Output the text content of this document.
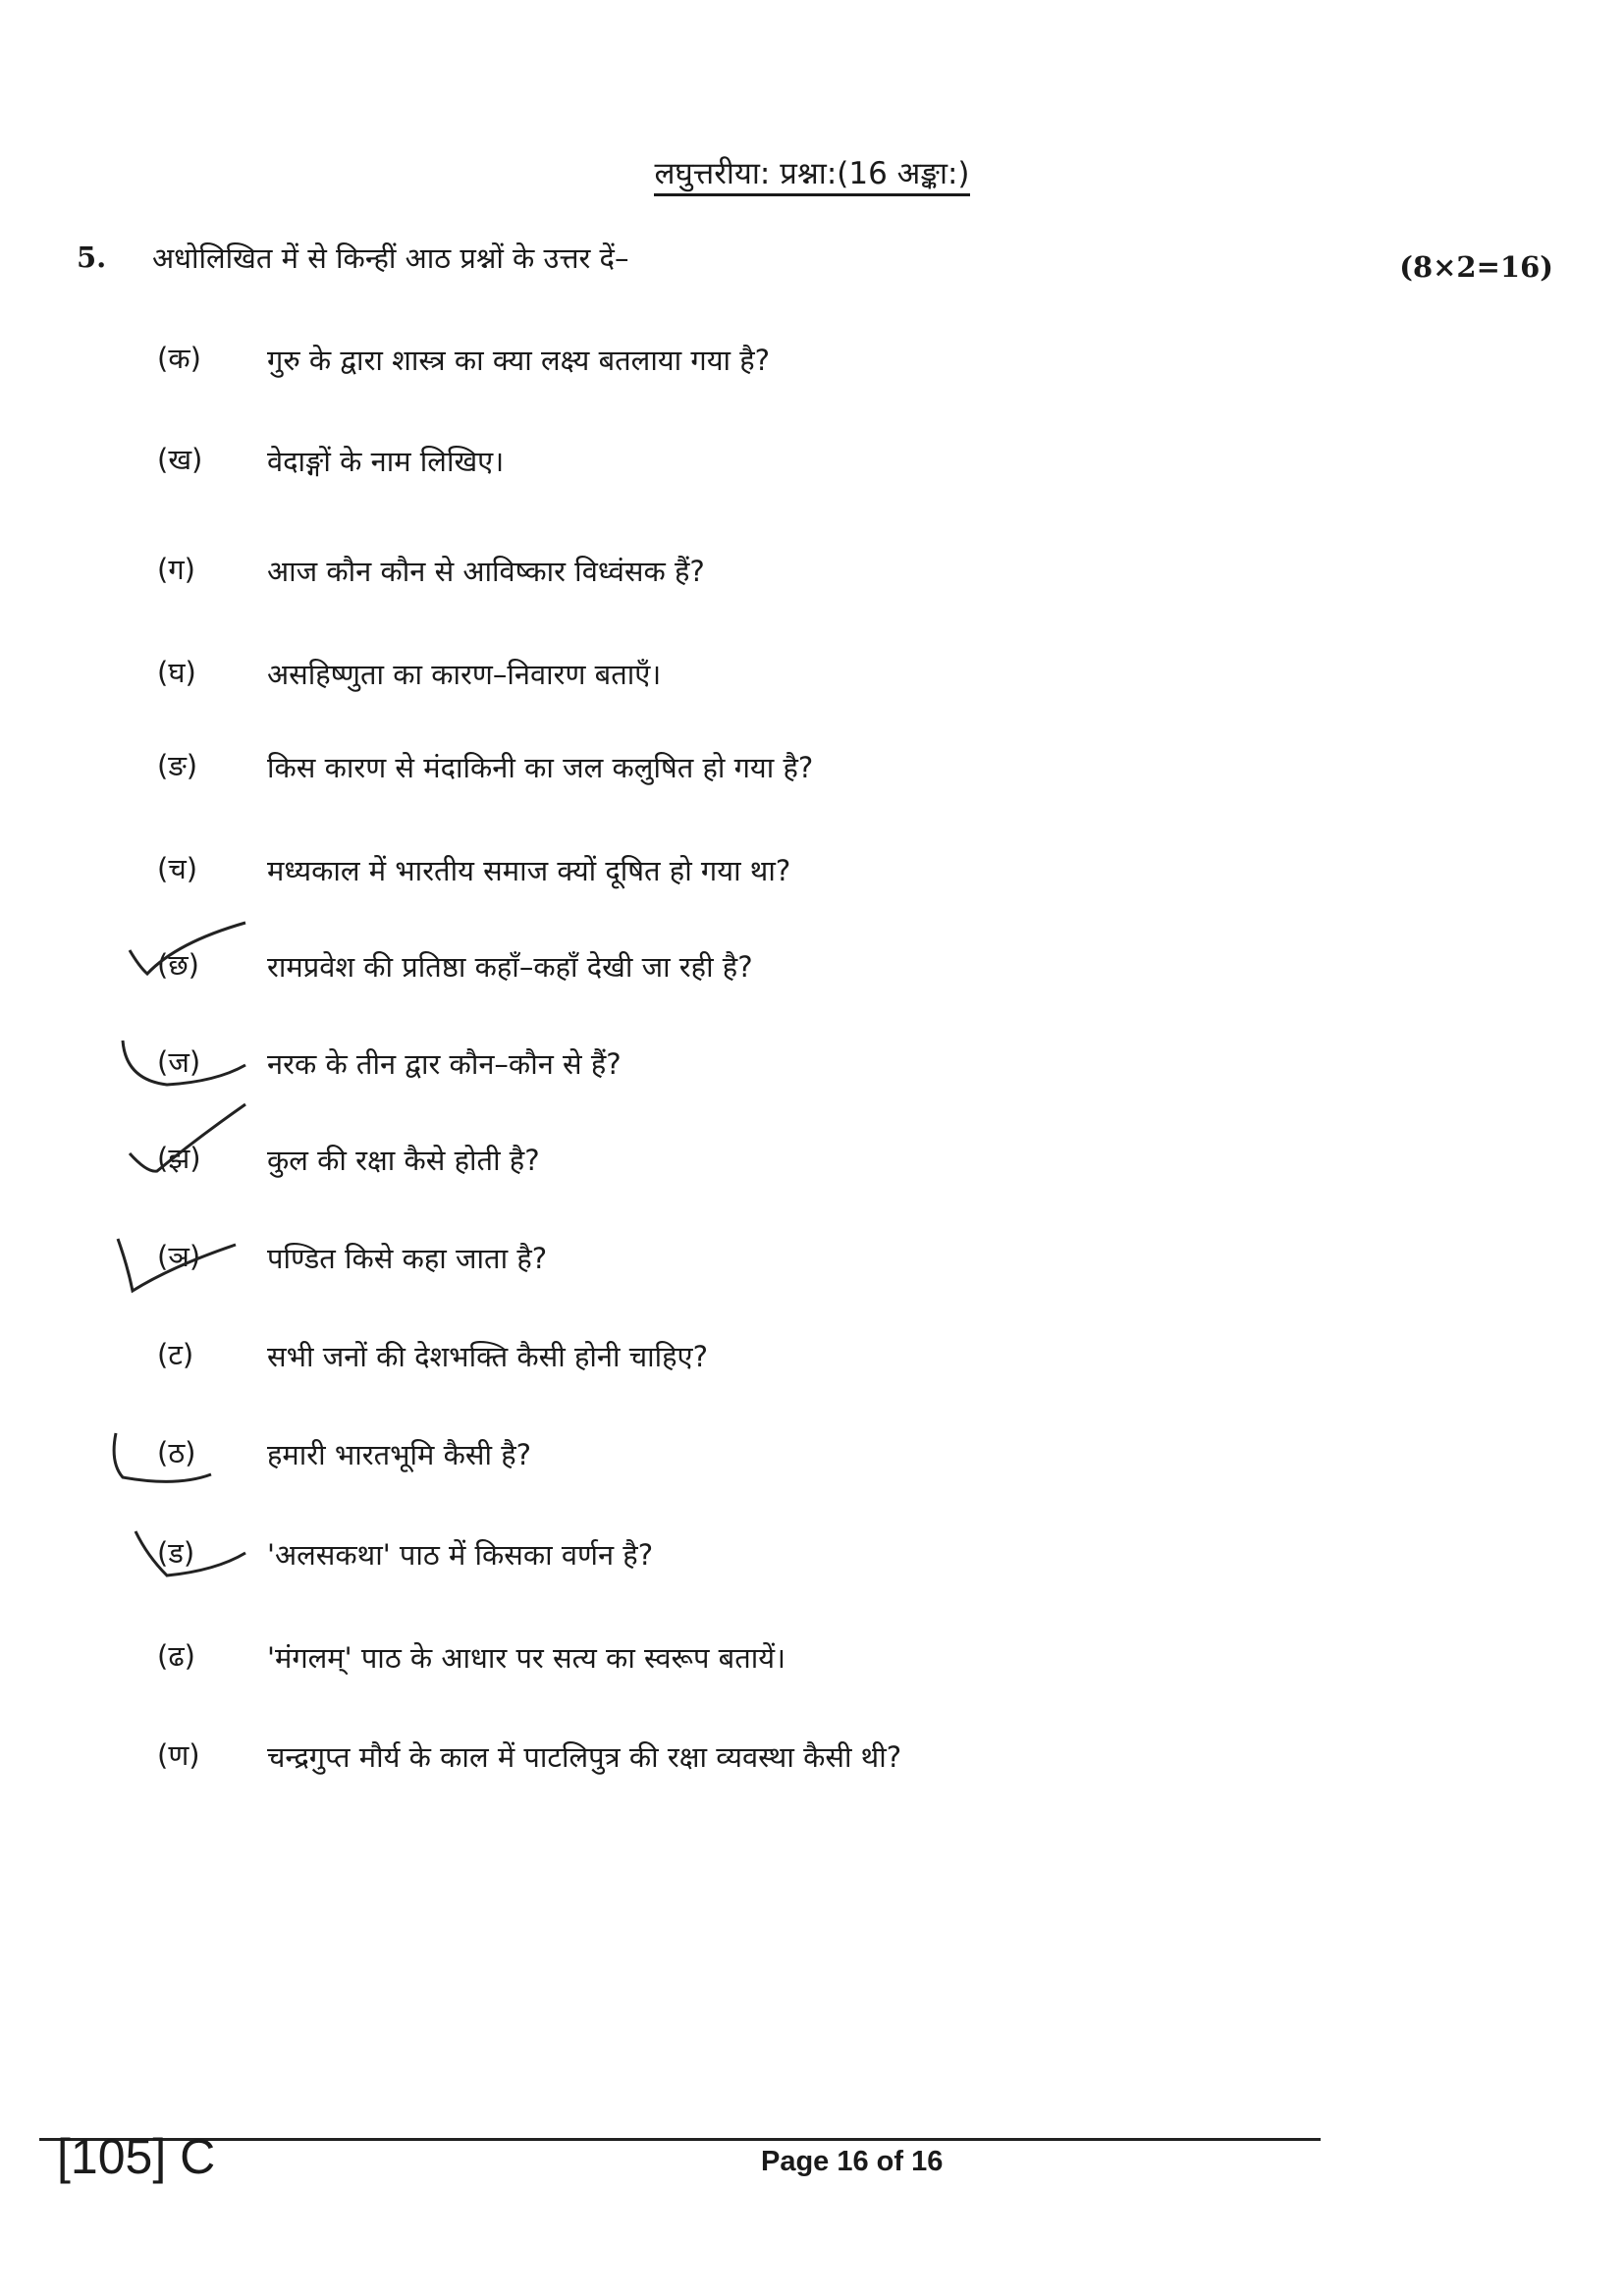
लघुत्तरीया: प्रश्ना:(16 अङ्का:)
5. अधोलिखित में से किन्हीं आठ प्रश्नों के उत्तर दें–	(8×2=16)
(क) गुरु के द्वारा शास्त्र का क्या लक्ष्य बतलाया गया है?
(ख) वेदाङ्गों के नाम लिखिए।
(ग)	आज कौन कौन से आविष्कार विध्वंसक हैं?
(घ) असहिष्णुता का कारण–निवारण बताएँ।
(ङ) किस कारण से मंदाकिनी का जल कलुषित हो गया है?
(च) मध्यकाल में भारतीय समाज क्यों दूषित हो गया था?
(छ) रामप्रवेश की प्रतिष्ठा कहाँ–कहाँ देखी जा रही है?
(ज) नरक के तीन द्वार कौन–कौन से हैं?
(झ) कुल की रक्षा कैसे होती है?
(ञ) पण्डित किसे कहा जाता है?
(ट)	सभी जनों की देशभक्ति कैसी होनी चाहिए?
(ठ)	हमारी भारतभूमि कैसी है?
(ड)	'अलसकथा' पाठ में किसका वर्णन है?
(ढ)	'मंगलम्' पाठ के आधार पर सत्य का स्वरूप बतायें।
(ण) चन्द्रगुप्त मौर्य के काल में पाटलिपुत्र की रक्षा व्यवस्था कैसी थी?
[105] C	Page 16 of 16
